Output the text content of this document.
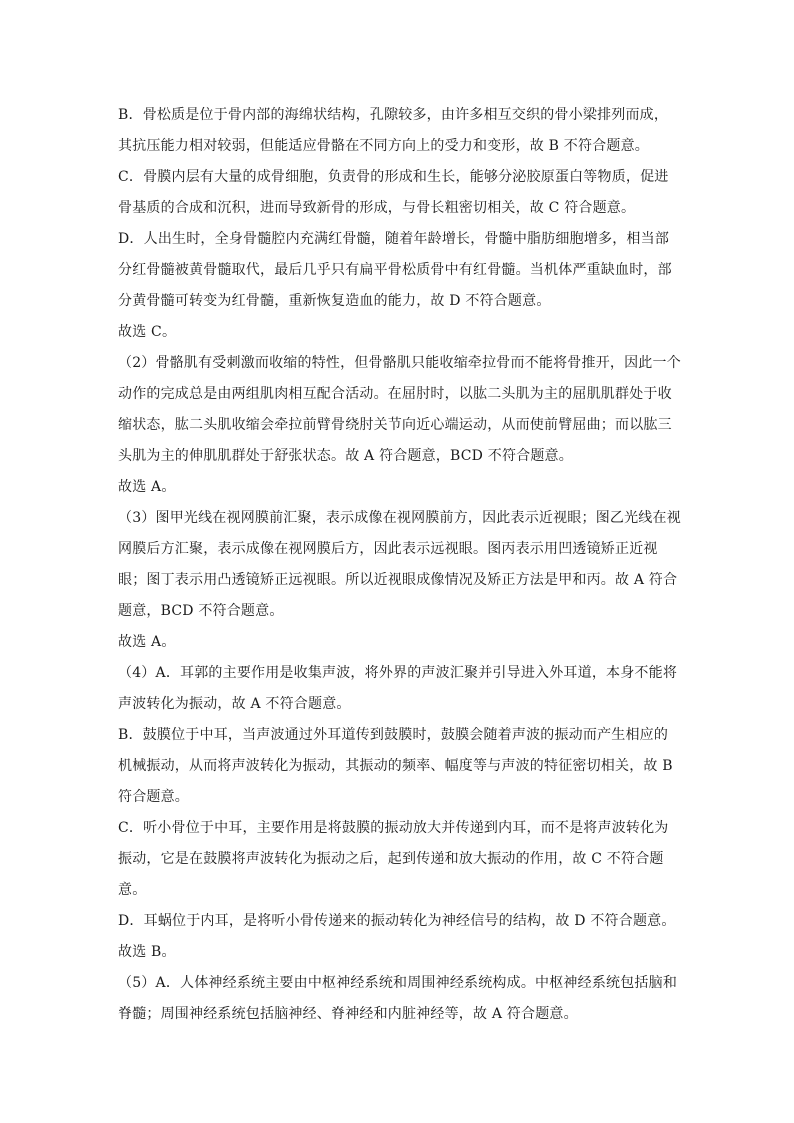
B．骨松质是位于骨内部的海绵状结构，孔隙较多，由许多相互交织的骨小梁排列而成，
其抗压能力相对较弱，但能适应骨骼在不同方向上的受力和变形，故 B 不符合题意。

C．骨膜内层有大量的成骨细胞，负责骨的形成和生长，能够分泌胶原蛋白等物质，促进
骨基质的合成和沉积，进而导致新骨的形成，与骨长粗密切相关，故 C 符合题意。

D．人出生时，全身骨髓腔内充满红骨髓，随着年龄增长，骨髓中脂肪细胞增多，相当部
分红骨髓被黄骨髓取代，最后几乎只有扁平骨松质骨中有红骨髓。当机体严重缺血时，部
分黄骨髓可转变为红骨髓，重新恢复造血的能力，故 D 不符合题意。

故选 C。

（2）骨骼肌有受刺激而收缩的特性，但骨骼肌只能收缩牵拉骨而不能将骨推开，因此一个
动作的完成总是由两组肌肉相互配合活动。在屈肘时，以肱二头肌为主的屈肌肌群处于收
缩状态，肱二头肌收缩会牵拉前臂骨绕肘关节向近心端运动，从而使前臂屈曲；而以肱三
头肌为主的伸肌肌群处于舒张状态。故 A 符合题意，BCD 不符合题意。

故选 A。

（3）图甲光线在视网膜前汇聚，表示成像在视网膜前方，因此表示近视眼；图乙光线在视
网膜后方汇聚，表示成像在视网膜后方，因此表示远视眼。图丙表示用凹透镜矫正近视
眼；图丁表示用凸透镜矫正远视眼。所以近视眼成像情况及矫正方法是甲和丙。故 A 符合
题意，BCD 不符合题意。

故选 A。

（4）A．耳郭的主要作用是收集声波，将外界的声波汇聚并引导进入外耳道，本身不能将
声波转化为振动，故 A 不符合题意。

B．鼓膜位于中耳，当声波通过外耳道传到鼓膜时，鼓膜会随着声波的振动而产生相应的
机械振动，从而将声波转化为振动，其振动的频率、幅度等与声波的特征密切相关，故 B
符合题意。

C．听小骨位于中耳，主要作用是将鼓膜的振动放大并传递到内耳，而不是将声波转化为
振动，它是在鼓膜将声波转化为振动之后，起到传递和放大振动的作用，故 C 不符合题
意。

D．耳蜗位于内耳，是将听小骨传递来的振动转化为神经信号的结构，故 D 不符合题意。

故选 B。

（5）A．人体神经系统主要由中枢神经系统和周围神经系统构成。中枢神经系统包括脑和
脊髓；周围神经系统包括脑神经、脊神经和内脏神经等，故 A 符合题意。
